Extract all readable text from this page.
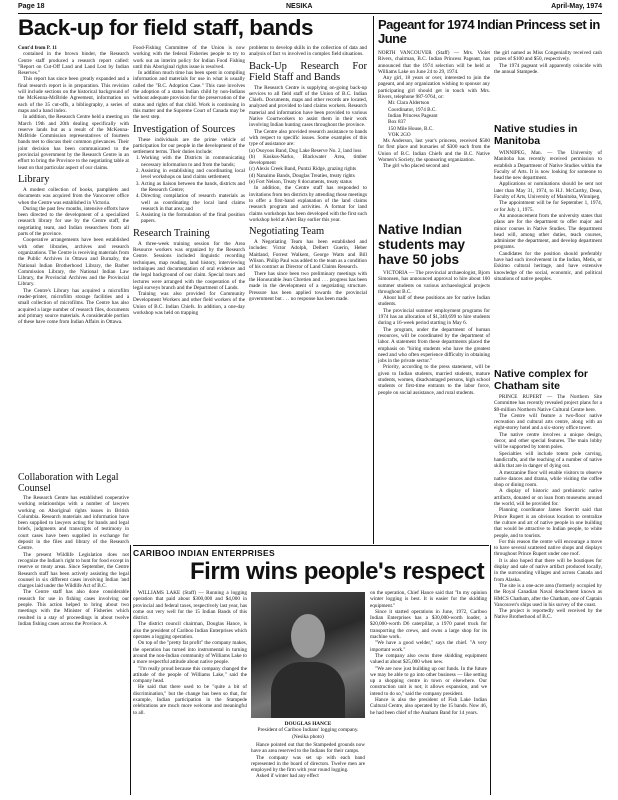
Page 18	NESIKA	April-May, 1974
Back-up for field staff, bands

Cont'd from P. 11

contained in the brown binder, the Research Centre staff produced a research report called: "Report on Cut-Off Land and Land Lost by Indian Reserves."

This report has since been greatly expanded and a final research report is in preparation. This revision will include sections on the historical background of the McKenna-McBride Agreement, information on each of the 35 cut-offs, a bibliography, a series of maps and a band index.

In addition, the Research Centre held a meeting on March 19th and 20th dealing specifically with reserve lands but as a result of the McKenna-McBride Commission representatives of fourteen bands met to discuss their common grievances. Their joint decision has been communicated to the provincial government by the Research Centre in an effort to bring the Province to the negotiating table at least on that particular aspect of our claims.

Library

A modest collection of books, pamphlets and documents was acquired from the Vancouver office when the Centre was established in Victoria.

During the past few months, intensive efforts have been directed to the development of a specialized research library for use by the Centre staff, the negotiating team, and Indian researchers from all parts of the province.

Cooperative arrangements have been established with other libraries, archives and research organizations. The Centre is receiving materials from the Public Archives in Ottawa and Burnaby, the National Indian Brotherhood Library, the Barber Commission Library, the National Indian Law Library, the Provincial Archives and the Provincial Library.

The Centre's Library has acquired a microfilm reader-printer, microfilm storage facilities and a small collection of microfilms. The Centre has also acquired a large number of research files, documents and primary source materials. A considerable portion of these have come from Indian Affairs in Ottawa.

Collaboration with Legal Counsel

The Research Centre has established cooperative working relationships with a number of lawyers working on Aboriginal rights issues in British Columbia. Research materials and information have been supplied to lawyers acting for bands and legal briefs, judgments and transcripts of testimony in court cases have been supplied in exchange for deposit in the files and library of the Research Centre.

The present Wildlife Legislation does not recognize the Indian's right to hunt for food except in reserve or treaty areas. Since September, the Centre Research staff has been actively assisting the legal counsel in six different cases involving Indian 'and charges laid under the Wildlife Act of B.C.

The Centre staff has also done considerable research for use in fishing cases involving our people. This action helped to bring about two meetings with the Minister of Fisheries which resulted in a stay of proceedings in about twelve Indian fishing cases across the Province. A

Food-Fishing Committee of the Union is now working with the federal Fisheries people to try to work out an interim policy for Indian Food Fishing until this Aboriginal rights issue is resolved.

In addition much time has been spent in compiling information and materials for use in what is usually called the "B.C. Adoption Case." This case involves the adoption of a status Indian child by non-Indians without adequate provision for the preservation of the status and rights of that child. Work is continuing in this matter and the Supreme Court of Canada may be the next step.

Investigation of Sources

These individuals are the prime vehicle of participation for our people in the development of the settlement terms. Their duties include:

1. Working with the Districts in communicating necessary information to and from the bands;
2. Assisting in establishing and coordinating local level workshops on land claims settlement;
3. Acting as liaison between the bands, districts and the Research Centre;
4. Directing compilation of research materials as well as coordinating the local land claims research in that area; and
5. Assisting in the formulation of the final position papers.
Research Training

A three-week training session for the Area Resource workers was organized by the Research Centre. Sessions included linguistic recording techniques, map reading, land history, interviewing techniques and documentation of oral evidence and the legal background of our claim. Special tours and lectures were arranged with the cooperation of the legal surveys branch and the Department of Lands.

Training was also provided for Community Development Workers and other field workers of the Union of B.C. Indian Chiefs. In addition, a one-day workshop was held on trapping

problems to develop skills in the collection of data and analysis of fact vs involved in complex field situations.

Back-Up Research For Field Staff and Bands

The Research Centre is supplying on-going back-up services to all field staff of the Union of B.C. Indian Chiefs. Documents, maps and other records are located, analyzed and provided to land claims workers. Research material and information have been provided to various Native Courtworkers to assist them in their work involving Indian hunting cases throughout the province.

The Centre also provided research assistance to bands with respect to specific issues. Some examples of this type of assistance are:

(a) Osoyoos Band, Dog Lake Reserve No. 2, land loss

(b) Kuskus-Narko, Blackwater Area, timber development

(c) Alexis Creek Band, Puntzi Ridge, grazing rights

(d) Nanaimo Bands, Douglas Treaties, treaty rights

(e) Fort Nelson, Treaty 8 documents, treaty status

In addition, the Centre staff has responded to invitations from ten districts by attending those meetings to offer a first-hand explanation of the land claims research program and activities. A format for land claims workshops has been developed with the first such workshop held at Alert Bay earlier this year.

Negotiating Team

A Negotiating Team has been established and includes: Victor Adolph, Delbert Guerin, Heber Maitland, Forrest Walkem, George Watts and Bill Wilson. Philip Paul was added to the team as a condition of his contract as Director of Land Claims Research.

There has since been two preliminary meetings with the Honourable Jean Chretien and . . . progress has been made in the development of a negotiating structure. Pressure has been applied towards the provincial government but . . . no response has been made.

Pageant for 1974 Indian Princess set in June

NORTH VANCOUVER (Staff) — Mrs. Violet Rivers, chairman, B.C. Indian Princess Pageant, has announced that the 1974 selection will be held at Williams Lake on June 24 to 29, 1974.

Any girl, 18 years or over, interested to join the pageant, and any organization wishing to sponsor any participating girl should get in touch with Mrs. Rivers, telephone 987-9764, or:

Mr. Clara Aldertson
Coordinator, 1974 B.C.
Indian Princess Pageant
Box 837
150 Mile House, B.C.
VOK 2GO

Ms Anderson, last year's princess, received $500 for first place and bursaries of $300 each from the Union of B.C. Indian Chiefs and the B.C. Native Women's Society, the sponsoring organization.

The girl who placed second and

the girl named as Miss Congeniality received cash prizes of $100 and $50, respectively.

The 1974 pageant will apparently coincide with the annual Stampede.

Native Indian students may have 50 jobs

VICTORIA — The provincial archaeologist, Bjorn Simonsen, has announced approval to hire about 100 summer students on various archaeological projects throughout B.C.

About half of these positions are for native Indian students.

The provincial summer employment programs for 1974 has an allocation of $1,340,699 to hire students during a 16-week period starting in May 6.

The program, under the department of human resources, will be coordinated by the department of labor. A statement from these departments placed the emphasis on "hiring students who have the greatest need and who often experience difficulty in obtaining jobs in the private sector."

Priority, according to the press statement, will be given to Indian students, married students, mature students, women, disadvantaged persons, high school students or first-time entrants to the labor force, people on social assistance, and rural students.

Native studies in Manitoba

WINNIPEG, Man. — The University of Manitoba has recently received permission to establish a Department of Native Studies within the Faculty of Arts. It is now looking for someone to head the new department.

Applications or nominations should be sent not later than May 31, 1974, to H.J. McCarthy, Dean, Faculty of Arts, University of Manitoba, Winnipeg.

The appointment will be for September 1, 1974, or for July 1, 1975.

An announcement from the university states that plans are for the department to offer major and minor courses in Native Studies. The department head will, among other duties, teach courses, administer the department, and develop department programs.

Candidates for the position should preferably have had such involvement in the Indian, Metis, or Eskimo cultural heritage, and have extensive knowledge of the social, economic, and political situations of native peoples.

Native complex for Chatham site

PRINCE RUPERT — The Northern Site Committee has recently revealed project plans for a $9-million Northern Native Cultural Centre here.

The Centre will feature a two-floor native recreation and cultural arts centre, along with an eight-storey hotel and a six-storey office tower.

The native centre involves a unique design, decor, and other special features. The main lobby will be supported by totem poles.

Specialties will include totem pole carving, handicrafts, and the teaching of a number of native skills that are in danger of dying out.

A mezzanine floor will enable visitors to observe native dances and drama, while visiting the coffee shop or dining room.

A display of historic and prehistoric native artifacts, donated or on loan from museums around the world, will be provided for.

Planning coordinator James Sterritt said that Prince Rupert is an obvious location to centralize the culture and art of native people in one building that would be attractive to Indian people, to white people, and to tourists.

For this reason the centre will encourage a move to have several scattered native shops and displays throughout Prince Rupert under one roof.

It is also hoped that there will be boutiques for display and sale of native artifact produced locally, in the surrounding villages and across Canada and from Alaska.

The site is a one-acre area (formerly occupied by the Royal Canadian Naval detachment known as HMCS Chatham, after the Chatham, one of Captain Vancouver's ships used in his survey of the coast.

The project is reportedly well received by the Native Brotherhood of B.C.

CARIBOO INDIAN ENTERPRISES
Firm wins people's respect

WILLIAMS LAKE (Staff) — Running a logging operation that paid about $300,000 and $4,000 in provincial and federal taxes, respectively last year, has come out very well for the 15 Indian Bands of this district.

The district council chairman, Douglas Hance, is also the president of Cariboo Indian Enterprises which operates a logging operation.

On top of the "pretty fat profit" the company makes, the operation has turned into instrumental in turning around the non-Indian community of Williams Lake to a more respectful attitude about native people.

"I'm really proud because this company changed the attitude of the people of Williams Lake," said the company head.

He said that there used to be "quite a bit of discrimination," but the change has been so that, for example, Indian participation in the Stampede celebrations are much more welcome and meaningful to all.

DOUGLAS HANCE
President of Cariboo Indians' logging company. (Nesika photo)

Hance pointed out that the Stampeded grounds now have an area reserved to the Indians for their camps.

The company was set up with each band represented in the board of directors. Twelve men are employed by the firm with year round logging.

Asked if winter had any effect

on the operation, Chief Hance said that "In my opinion winter logging is best. It is easier for the skidding equipment."

Since it started operations in June, 1972, Cariboo Indian Enterprises has a $30,000-worth loader, a $20,000-worth D6 caterpillar, a 1970 panel truck for transporting the crews, and owns a large shop for its machine work.

"We have a good welder," says the chief. "A very important work."

The company also owns three skidding equipment valued at about $25,000 when new.

"We are now just building up our funds. In the future we may be able to go into other business — like setting up a shopping centre in town or elsewhere. Our construction unit is not; it allows expansion, and we intend to do so," said the company president.

Hance is also the president of Fish Lake Indian Cultural Centre, also operated by the 15 bands. Now 46, he had been chief of the Anaham Band for 14 years.
